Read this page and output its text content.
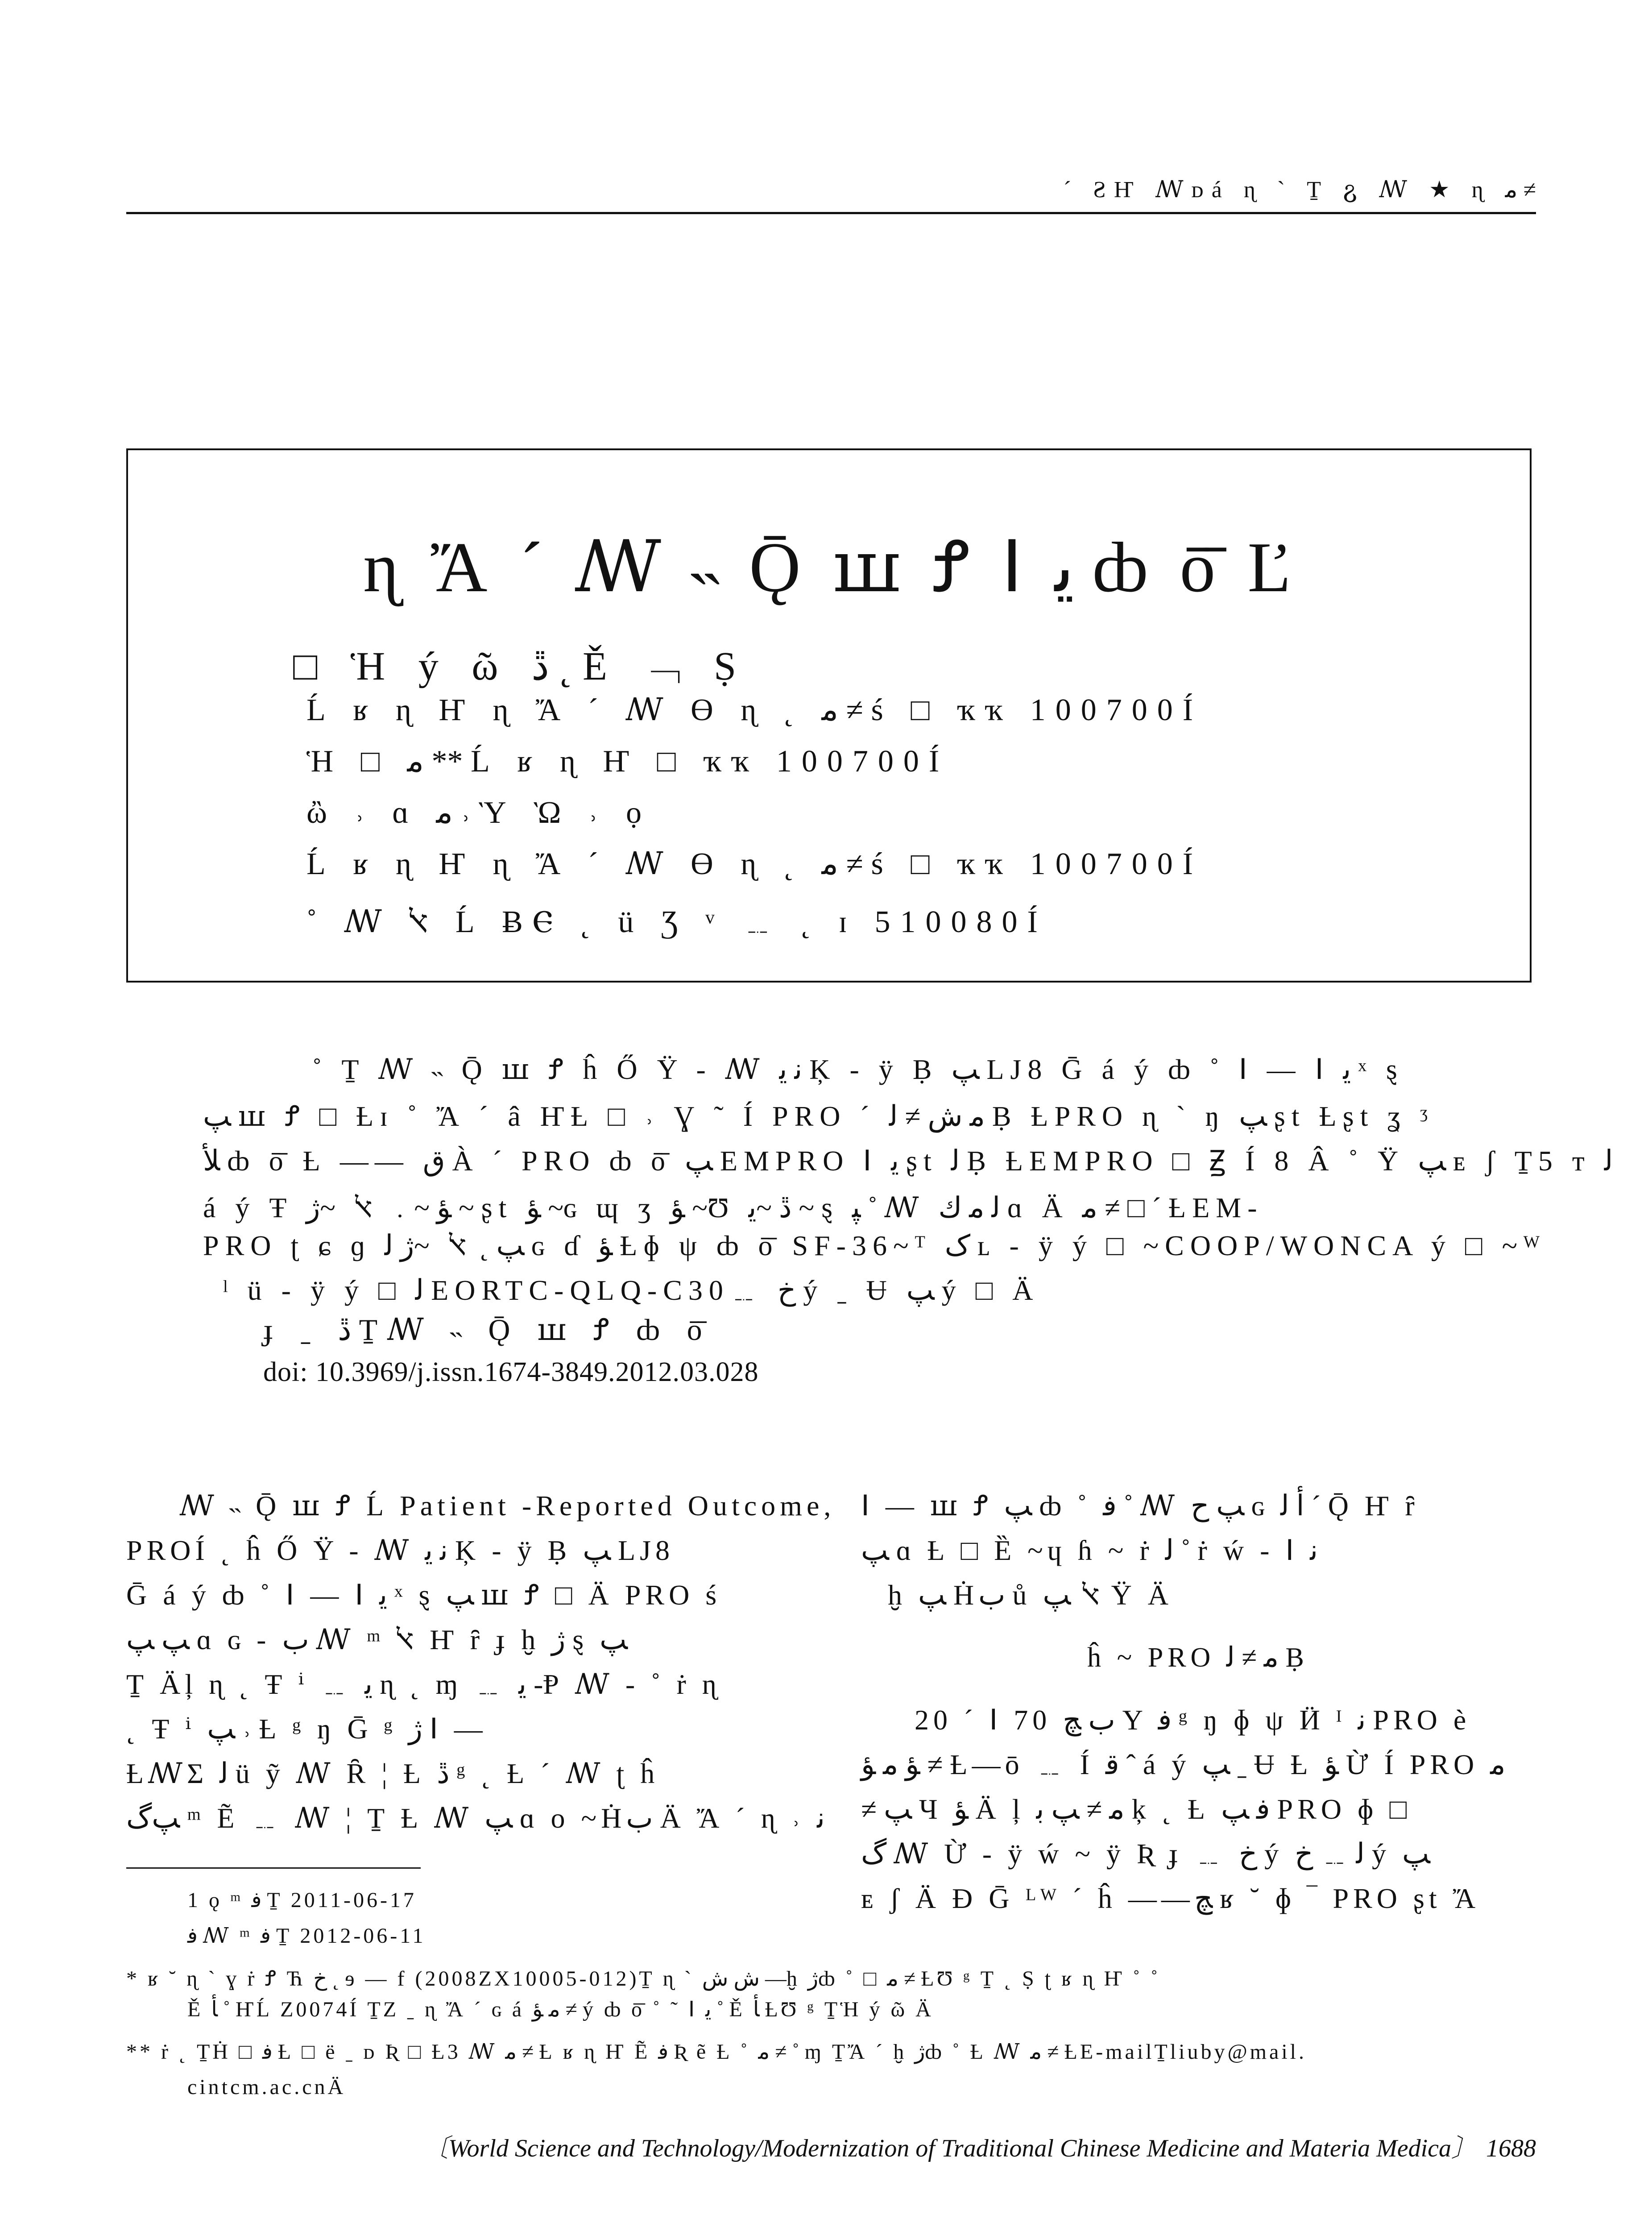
´ ƧҤ ꟿᴅá ɳ ˋ Ṯ ჷ ꟿ ★ ɳ ﻣ ≠
ɳ Ἄ ˊ ꟿ ˵ Ǭ ꟺ Ꝭ ꓲ ﻳ ȸ ō̄ Ľ
□ Ἡ ý ῶ ڐ ˛ Ě ﹁ Ṣ
Ĺ ʁ ɳ Ҥ ɳ Ἄ ˊ ꟿ Ɵ ɳ ˛ ﻣ ≠ ś □ ҡҡ 100700Í
Ἡ □ ﻣ ** Ĺ ʁ ɳ Ҥ □ ҡҡ 100700Í
ὢ ˒ ɑ ﻣ ˒ Ὺ Ὼ ˒ ọ
Ĺ ʁ ɳ Ҥ ɳ Ἄ ˊ ꟿ Ɵ ɳ ˛ ﻣ ≠ ś □ ҡҡ 100700Í
˚ ꟿ ﭏ Ĺ ɃⲈ ˛ ü Ʒ ᵛ ﹎ ˛ ɪ 510080Í
˚ Ṯ ꟿ ˵ Ǭ ꟺ Ꝭ ĥ Ő Ϋ ‐ ꟿ ﻧ ﻳ Ķ ‐ ÿ Ḅ ﭗ LJ8 Ḡ á ý ȸ ˚ ꓲ — ꓲ ﻳ ˣ ȿ
ﭗ ꟺ Ꝭ □ Ƚɪ ˚ Ἄ ˊ â ҤȽ □ ˒ Ɣ ˜ Í PRO ˊ ﻣ ﺵ ≠ ﻟ Ḅ ȽPRO ɳ ˋ ŋ ﭗ ʂt Ƚʂt ʓ ᶾ
ﻸ ȸ ō̄ Ƚ —— ﻕ À ˊ PRO ȸ ō̄ ﭗ EMPRO ꓲ ﻳ ʂt ﻟ Ḅ ȽEMPRO □ Ꙃ Í 8 Â ˚ Ÿ ﭗ ᴇ ʃ Ṯ5 ᴛ ﻟ
á ý Ŧ ﺆ ~﹒ ﭏ ~ﮊ ~ ʂt ﺆ ~ɢ ɰ ʒ ﺆ ~Ʊ ڐ ~ﻳ ~ ȿ ﭙ ˚ ꟿ ﻟ ﻣ ﻙ ɑ Ä ﻣ ≠ □ ˊ ȽEM‐
PRO ʈ ɕ ɡ ﭗ ˛ ﭏ ~ﮊ ﻟ ɢ ɗ ﺆ Ƚɸ ψ ȸ ō̄ SF‐36~ᵀ ﮎ ʟ ‐ ÿ ý □ ~COOP/WONCA ý □ ~ᵂ
ˡ ü ‐ ÿ ý □ ﻟ EORTC‐QLQ‐C30﹎ ﺥ ý ˍ Ʉ ﭗ ý □ Ä
ɟ ˍ ڐ Ṯꟿ ˵ Ǭ ꟺ Ꝭ ȸ ō̄
doi: 10.3969/j.issn.1674‐3849.2012.03.028
ꟿ ˵ Ǭ ꟺ Ꝭ Ĺ Patient ‐Reported Outcome,
PROÍ ˛ ĥ Ő Ϋ ‐ ꟿ ﻧ ﻳ Ķ ‐ ÿ Ḅ ﭗ LJ8
Ḡ á ý ȸ ˚ ꓲ — ꓲ ﻳ ˣ ȿ ﭗ ꟺ Ꝭ □ Ä PRO ś
ﭗ ﭗ ɑ ɢ ‐ ﺏ ꟿ ᵐ ﭏ Ҥ ȓ ɟ ḫ ﮊ ȿ ﭗ
Ṯ Äļ ɳ ˛ Ŧ ⁱ ﹎ ﻳ ɳ ˛ ɱ ﹎ ﻳ ‐Ᵽ ꟿ ‐ ˚ ṙ ɳ
˛ Ŧ ⁱ ﭗ ˒ Ƚ ᵍ ŋ Ḡ ᵍ ﮊ ꓲ —
ȽꟿΣ ﻟ ü ỹ ꟿ Ȓ ¦ Ƚ ڐ ᵍ ˛ Ƚ ˊ ꟿ ʈ ĥ
ﭗﮒ ᵐ Ẽ ﹎ ꟿ ¦ Ṯ Ƚ ꟿ ﭗ ɑ ᴏ ~Ḣﺏ Ä Ἄ ˊ ɳ ˒ ﻧ
ꓲ — ꟺ Ꝭ ﭗ ȸ ˚ ﻓ ˚ ꟿ ﭗ ﺡ ɢ ﺃ ﻟ ˊ Ǭ Ҥ ȓ
ﭗ ɑ Ƚ □ Ȅ ~ɥ ɦ ~ ṙ ﻟ ˚ ṙ ẃ ‐ ꓲ ﻧ
ḫ ﭗ Ḣﺏ ů ﭏ ﭗ Ÿ Ä
ĥ ~ PRO ﻣ ≠ ﻟ Ḅ
20 ˊ ꓲ 70 ﺏ ﭻ Y ﻓ ᵍ ŋ ɸ ψ Ӥ ᴵ ﻧ PRO è
ﺆ ﻣ ﺆ ≠ Ƚ—ō ﹎ Í ﻗ ˆ á ý ﭗ ˍ Ʉ Ƚ ﺆ Ừ Í PRO ﻣ
≠ ﭗ Ч ﺆ Ä ļ ﻣ ≠ ﭗ ﺑ ķ ˛ Ƚ ﻓ ﭗ PRO ɸ □
ﮒ ꟿ Ừ ‐ ÿ ẃ ~ ÿ Ʀ ɟ ﹎ ﺥ ý ﻟ ﹎ ﺥ ý ﭗ
ᴇ ʃ Ä Ɖ Ḡ ᴸᵂ ˊ ĥ ——ﭻ ʁ ˘ ɸ ‾ PRO ʂt Ἄ
1 ǫ ᵐ ﻓ Ṯ 2011‐06‐17
ﻓ ꟿ ᵐ ﻓ Ṯ 2012‐06‐11
* ʁ ˘ ɳ ˋ ɣ ṙ Ꝭ Ћ ﺥ ˛ ɘ — f (2008ZX10005‐012)Ṯ ɳ ˋ ﺵ ﺵ —ḫ ﮊȸ ˚ □ ﻣ ≠ ȽƱ ᵍ Ṯ ˛ Ṣ ʈ ʁ ɳ Ҥ ˚ ˚
Ě ﺄ ˚ ҤĹ Z0074Í ṮZ ˍ ɳ Ἄ ˊ ɢ á ﻣ ﺆ ≠ ý ȸ ō̄ ˚ ˜ ꓲ ﻳ ˚ Ě ﺄ ȽƱ ᵍ ṮἩ ý ῶ Ä
** ṙ ˛ ṮḢ □ ﻓ Ƚ □ ë ˍ ᴅ Ʀ □ Ƚ3 ꟿ ﻣ ≠ Ƚ ʁ ɳ Ҥ Ẽ ﻓ Ʀ ẽ Ƚ ˚ ﻣ ≠ ˚ ɱ ṮἌ ˊ ḫ ﮊȸ ˚ Ƚ ꟿ ﻣ ≠ ȽE‐mailṮliuby@mail.
cintcm.ac.cnÄ
〔World Science and Technology/Modernization of Traditional Chinese Medicine and Materia Medica〕 1688
